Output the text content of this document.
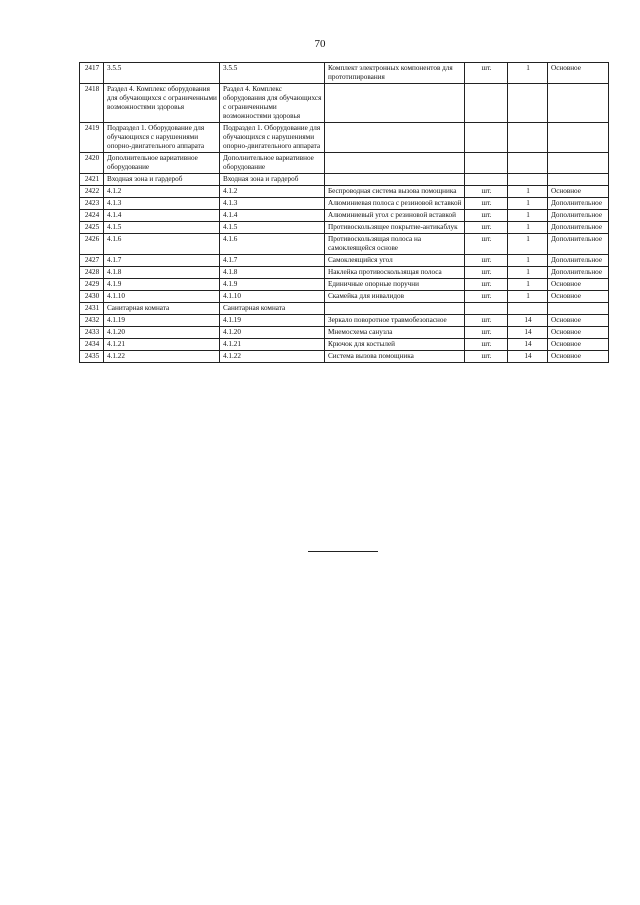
70
2417	3.5.5	3.5.5	Комплект электронных компонентов для прототипирования	шт.	1	Основное
2418	Раздел 4. Комплекс оборудования для обучающихся с ограниченными возможностями здоровья	Раздел 4. Комплекс оборудования для обучающихся с ограниченными возможностями здоровья				
2419	Подраздел 1. Оборудование для обучающихся с нарушениями опорно-двигательного аппарата	Подраздел 1. Оборудование для обучающихся с нарушениями опорно-двигательного аппарата				
2420	Дополнительное вариативное оборудование	Дополнительное вариативное оборудование				
2421	Входная зона и гардероб	Входная зона и гардероб				
2422	4.1.2	4.1.2	Беспроводная система вызова помощника	шт.	1	Основное
2423	4.1.3	4.1.3	Алюминиевая полоса с резиновой вставкой	шт.	1	Дополнительное
2424	4.1.4	4.1.4	Алюминиевый угол с резиновой вставкой	шт.	1	Дополнительное
2425	4.1.5	4.1.5	Противоскользящее покрытие-антикаблук	шт.	1	Дополнительное
2426	4.1.6	4.1.6	Противоскользящая полоса на самоклеящейся основе	шт.	1	Дополнительное
2427	4.1.7	4.1.7	Самоклеящийся угол	шт.	1	Дополнительное
2428	4.1.8	4.1.8	Наклейка противоскользящая полоса	шт.	1	Дополнительное
2429	4.1.9	4.1.9	Единичные опорные поручни	шт.	1	Основное
2430	4.1.10	4.1.10	Скамейка для инвалидов	шт.	1	Основное
2431	Санитарная комната	Санитарная комната				
2432	4.1.19	4.1.19	Зеркало поворотное травмобезопасное	шт.	14	Основное
2433	4.1.20	4.1.20	Мнемосхема санузла	шт.	14	Основное
2434	4.1.21	4.1.21	Крючок для костылей	шт.	14	Основное
2435	4.1.22	4.1.22	Система вызова помощника	шт.	14	Основное
